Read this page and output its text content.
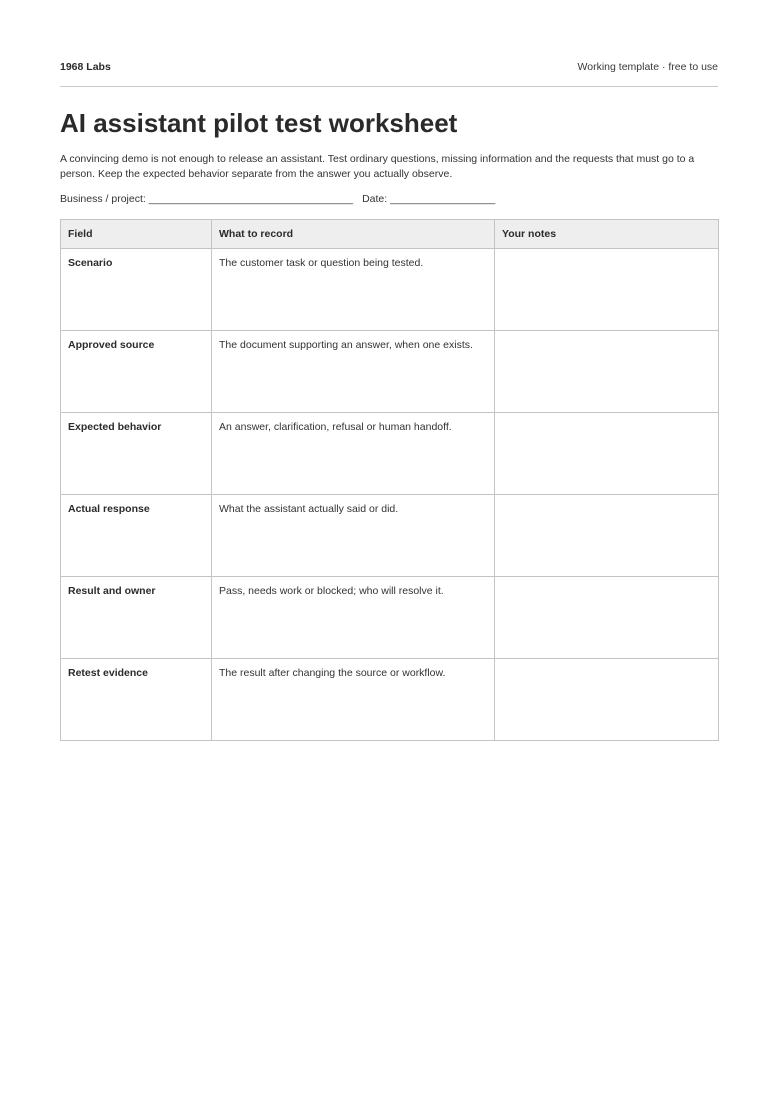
1968 Labs	Working template · free to use
AI assistant pilot test worksheet

A convincing demo is not enough to release an assistant. Test ordinary questions, missing information and the requests that must go to a person. Keep the expected behavior separate from the answer you actually observe.

Business / project: ___________________________________ Date: __________________
Field	What to record	Your notes
Scenario	The customer task or question being tested.	
Approved source	The document supporting an answer, when one exists.	
Expected behavior	An answer, clarification, refusal or human handoff.	
Actual response	What the assistant actually said or did.	
Result and owner	Pass, needs work or blocked; who will resolve it.	
Retest evidence	The result after changing the source or workflow.	
